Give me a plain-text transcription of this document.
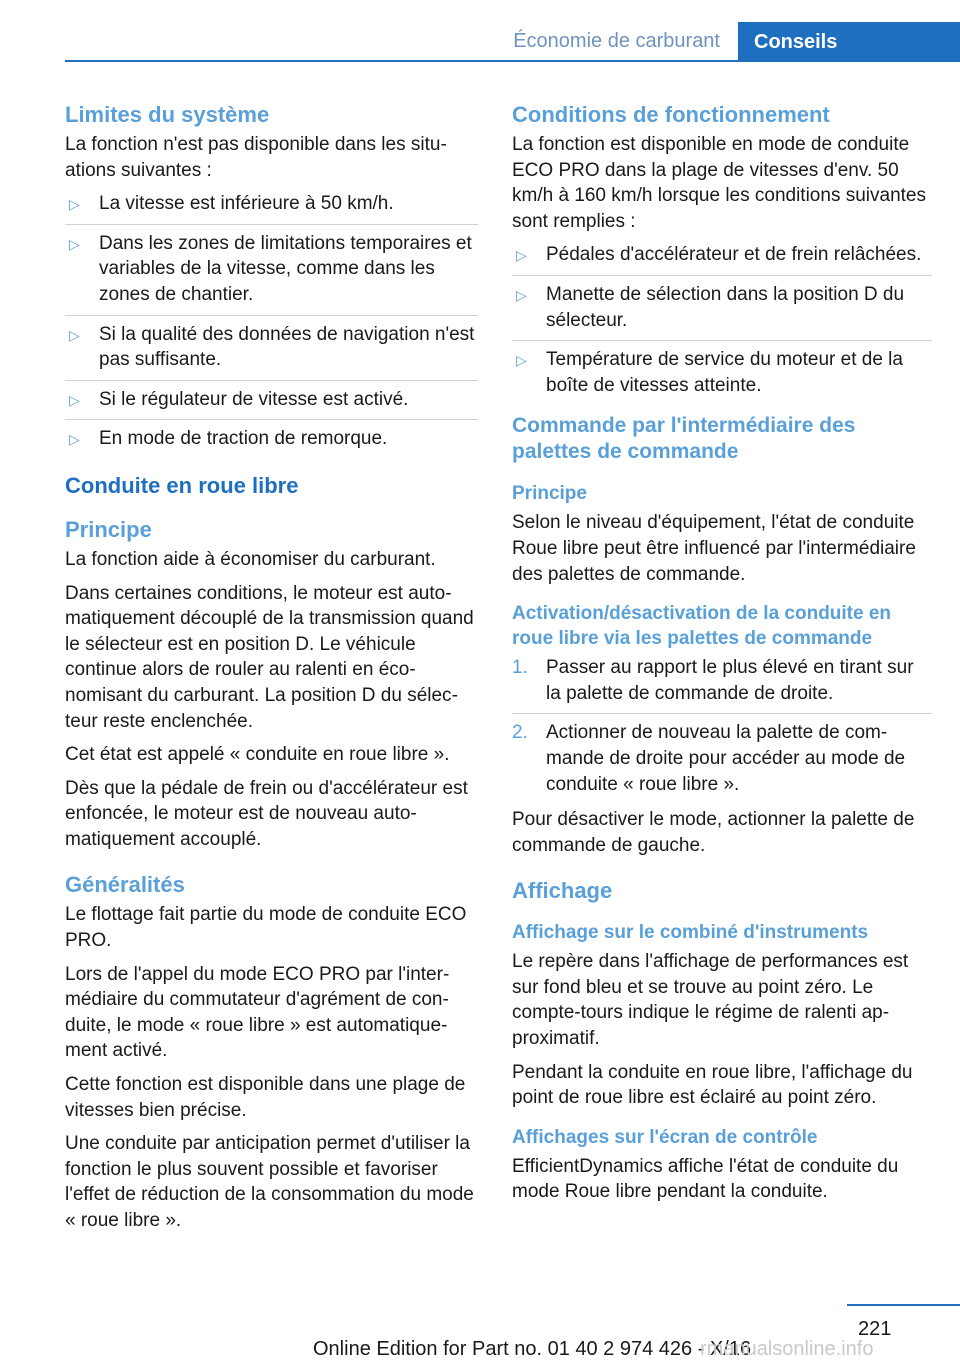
Économie de carburant	Conseils
Limites du système

La fonction n'est pas disponible dans les situations suivantes :

▷ La vitesse est inférieure à 50 km/h.
▷ Dans les zones de limitations temporaires et variables de la vitesse, comme dans les zones de chantier.
▷ Si la qualité des données de navigation n'est pas suffisante.
▷ Si le régulateur de vitesse est activé.
▷ En mode de traction de remorque.
Conduite en roue libre
Principe

La fonction aide à économiser du carburant.

Dans certaines conditions, le moteur est automatiquement découplé de la transmission quand le sélecteur est en position D. Le véhicule continue alors de rouler au ralenti en économisant du carburant. La position D du sélecteur reste enclenchée.

Cet état est appelé « conduite en roue libre ».

Dès que la pédale de frein ou d'accélérateur est enfoncée, le moteur est de nouveau automatiquement accouplé.

Généralités

Le flottage fait partie du mode de conduite ECO PRO.

Lors de l'appel du mode ECO PRO par l'intermédiaire du commutateur d'agrément de conduite, le mode « roue libre » est automatiquement activé.

Cette fonction est disponible dans une plage de vitesses bien précise.

Une conduite par anticipation permet d'utiliser la fonction le plus souvent possible et favoriser l'effet de réduction de la consommation du mode « roue libre ».

Conditions de fonctionnement

La fonction est disponible en mode de conduite ECO PRO dans la plage de vitesses d'env. 50 km/h à 160 km/h lorsque les conditions suivantes sont remplies :

▷ Pédales d'accélérateur et de frein relâchées.
▷ Manette de sélection dans la position D du sélecteur.
▷ Température de service du moteur et de la boîte de vitesses atteinte.
Commande par l'intermédiaire des palettes de commande
Principe

Selon le niveau d'équipement, l'état de conduite Roue libre peut être influencé par l'intermédiaire des palettes de commande.

Activation/désactivation de la conduite en roue libre via les palettes de commande
1. Passer au rapport le plus élevé en tirant sur la palette de commande de droite.
2. Actionner de nouveau la palette de commande de droite pour accéder au mode de conduite « roue libre ».

Pour désactiver le mode, actionner la palette de commande de gauche.

Affichage
Affichage sur le combiné d'instruments

Le repère dans l'affichage de performances est sur fond bleu et se trouve au point zéro. Le compte-tours indique le régime de ralenti approximatif.

Pendant la conduite en roue libre, l'affichage du point de roue libre est éclairé au point zéro.

Affichages sur l'écran de contrôle

EfficientDynamics affiche l'état de conduite du mode Roue libre pendant la conduite.

221
Online Edition for Part no. 01 40 2 974 426 - X/16
rmanualsonline.info
